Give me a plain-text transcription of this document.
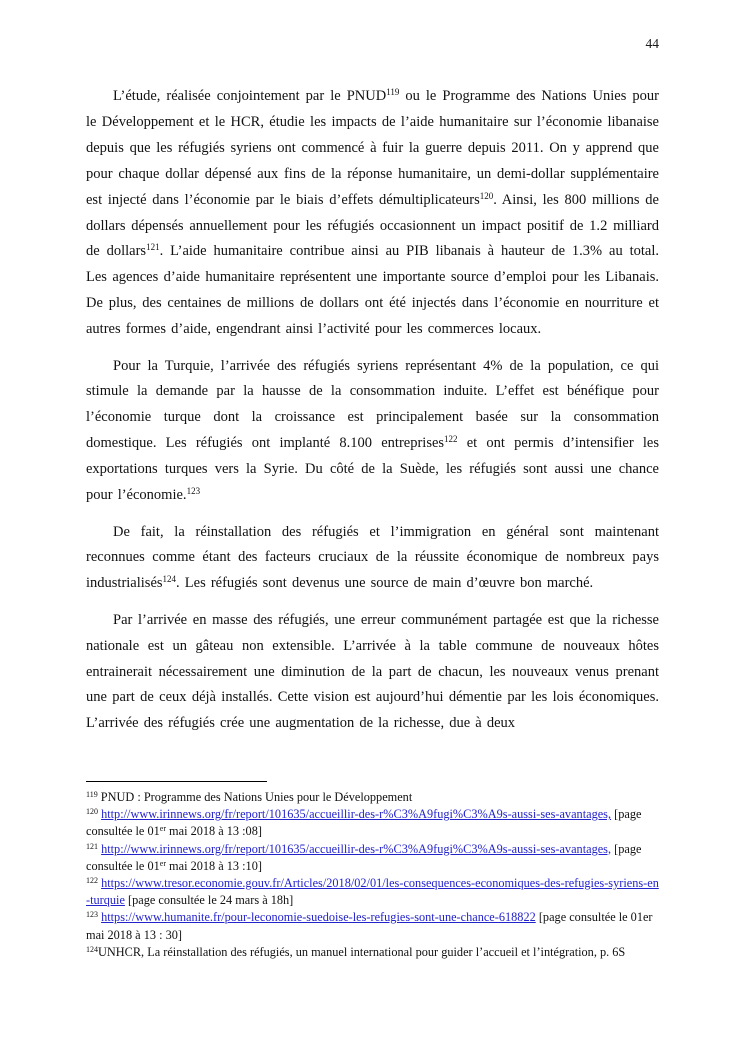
44

L’étude, réalisée conjointement par le PNUD$^{119}$ ou le Programme des Nations Unies pour le Développement et le HCR, étudie les impacts de l’aide humanitaire sur l’économie libanaise depuis que les réfugiés syriens ont commencé à fuir la guerre depuis 2011. On y apprend que pour chaque dollar dépensé aux fins de la réponse humanitaire, un demi-dollar supplémentaire est injecté dans l’économie par le biais d’effets démultiplicateurs$^{120}$. Ainsi, les 800 millions de dollars dépensés annuellement pour les réfugiés occasionnent un impact positif de 1.2 milliard de dollars$^{121}$. L’aide humanitaire contribue ainsi au PIB libanais à hauteur de 1.3% au total. Les agences d’aide humanitaire représentent une importante source d’emploi pour les Libanais. De plus, des centaines de millions de dollars ont été injectés dans l’économie en nourriture et autres formes d’aide, engendrant ainsi l’activité pour les commerces locaux.

Pour la Turquie, l’arrivée des réfugiés syriens représentant 4% de la population, ce qui stimule la demande par la hausse de la consommation induite. L’effet est bénéfique pour l’économie turque dont la croissance est principalement basée sur la consommation domestique. Les réfugiés ont implanté 8.100 entreprises$^{122}$ et ont permis d’intensifier les exportations turques vers la Syrie. Du côté de la Suède, les réfugiés sont aussi une chance pour l’économie.$^{123}$

De fait, la réinstallation des réfugiés et l’immigration en général sont maintenant reconnues comme étant des facteurs cruciaux de la réussite économique de nombreux pays industrialisés$^{124}$. Les réfugiés sont devenus une source de main d’œuvre bon marché.

Par l’arrivée en masse des réfugiés, une erreur communément partagée est que la richesse nationale est un gâteau non extensible. L’arrivée à la table commune de nouveaux hôtes entrainerait nécessairement une diminution de la part de chacun, les nouveaux venus prenant une part de ceux déjà installés. Cette vision est aujourd’hui démentie par les lois économiques. L’arrivée des réfugiés crée une augmentation de la richesse, due à deux

$^{119}$ PNUD : Programme des Nations Unies pour le Développement

$^{120}$ http://www.irinnews.org/fr/report/101635/accueillir-des-r%C3%A9fugi%C3%A9s-aussi-ses-avantages, [page consultée le 01er mai 2018 à 13 :08]

$^{121}$ http://www.irinnews.org/fr/report/101635/accueillir-des-r%C3%A9fugi%C3%A9s-aussi-ses-avantages, [page consultée le 01er mai 2018 à 13 :10]

$^{122}$ https://www.tresor.economie.gouv.fr/Articles/2018/02/01/les-consequences-economiques-des-refugies-syriens-en-turquie [page consultée le 24 mars à 18h]

$^{123}$ https://www.humanite.fr/pour-leconomie-suedoise-les-refugies-sont-une-chance-618822 [page consultée le 01er mai 2018 à 13 : 30]

$^{124}$UNHCR, La réinstallation des réfugiés, un manuel international pour guider l’accueil et l’intégration, p. 6S
